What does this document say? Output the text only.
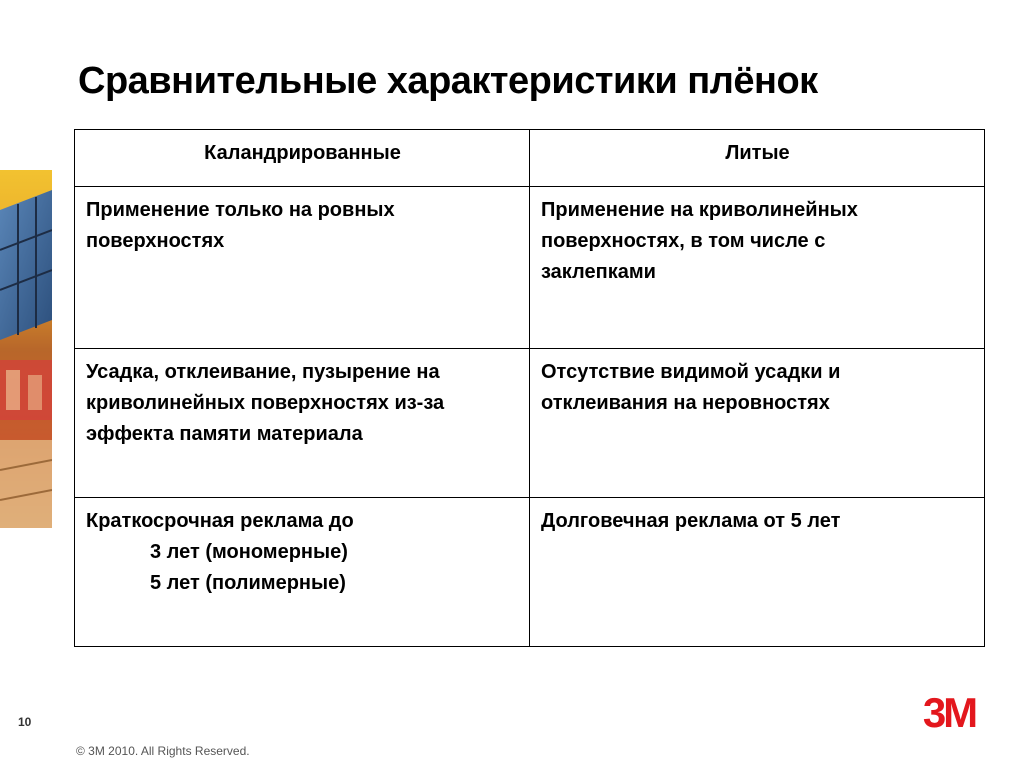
Сравнительные характеристики плёнок
Каландрированные	Литые

Применение только на ровных
поверхностях	Применение на криволинейных
поверхностях, в том числе с
заклепками

Усадка, отклеивание, пузырение на
криволинейных поверхностях из-за
эффекта памяти материала	Отсутствие видимой усадки и
отклеивания на неровностях

Краткосрочная реклама до
3 лет (мономерные)
5 лет (полимерные)	Долговечная реклама от 5 лет
10
© 3M 2010. All Rights Reserved.
3M
